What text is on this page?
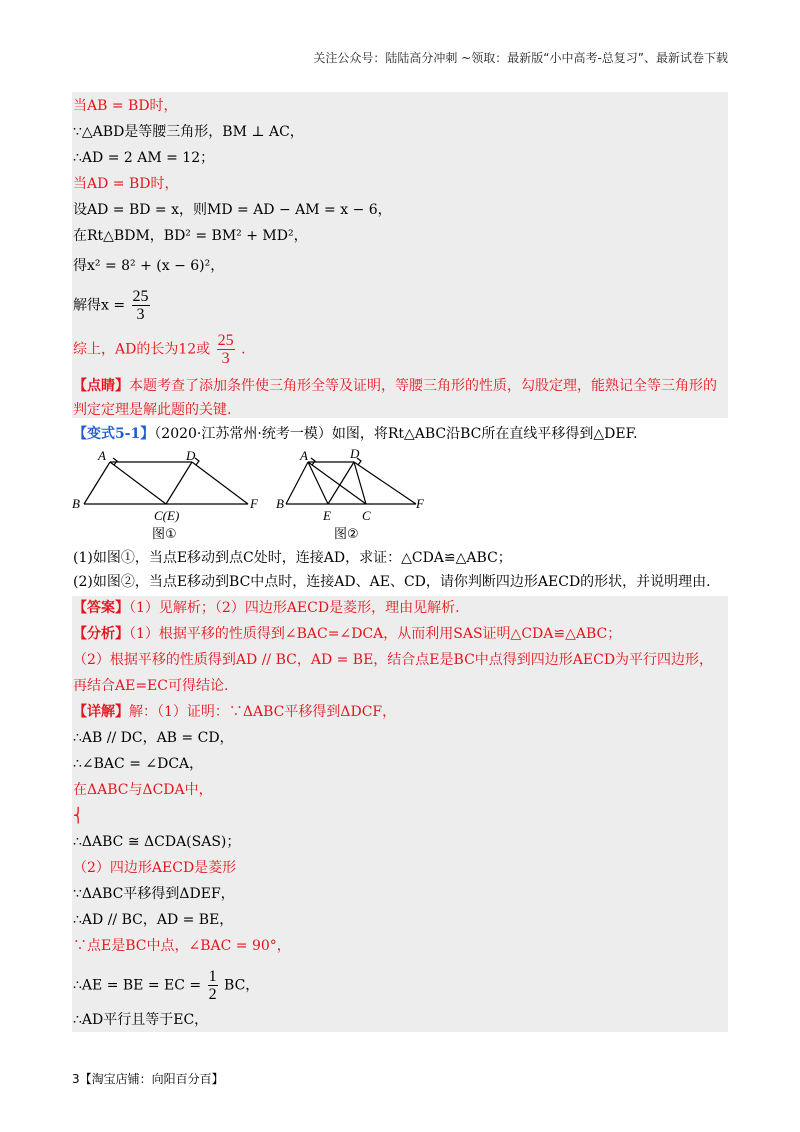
关注公众号：陆陆高分冲刺 ~领取：最新版“小中高考-总复习”、最新试卷下载
当AB = BD时，
∵△ABD是等腰三角形，BM ⊥ AC，
∴AD = 2 AM = 12；
当AD = BD时，
设AD = BD = x，则MD = AD − AM = x − 6，
在Rt△BDM，BD² = BM² + MD²，
得x² = 8² + (x − 6)²，
解得$x = \frac{25}{3}$
综上，AD的长为12或 $\frac{25}{3}$ .
【点睛】本题考查了添加条件使三角形全等及证明，等腰三角形的性质，勾股定理，能熟记全等三角形的
判定定理是解此题的关键.
【变式5-1】（2020·江苏常州·统考一模）如图，将Rt△ABC沿BC所在直线平移得到△DEF.
A	D
B
C(E)
F
图①
A	D
B
E C
F
图②
(1)如图①，当点E移动到点C处时，连接AD，求证：△CDA≌△ABC；
(2)如图②，当点E移动到BC中点时，连接AD、AE、CD，请你判断四边形AECD的形状，并说明理由.
【答案】（1）见解析；（2）四边形AECD是菱形，理由见解析.
【分析】（1）根据平移的性质得到∠BAC=∠DCA，从而利用SAS证明△CDA≌△ABC；
（2）根据平移的性质得到AD // BC，AD = BE，结合点E是BC中点得到四边形AECD为平行四边形，
再结合AE=EC可得结论.
【详解】解：（1）证明：∵ΔABC平移得到ΔDCF，
∴AB // DC，AB = CD，
∴∠BAC = ∠DCA，
在ΔABC与ΔCDA中，
⎨
∴ΔABC ≅ ΔCDA(SAS)；
（2）四边形AECD是菱形
∵ΔABC平移得到ΔDEF，
∴AD // BC，AD = BE，
∵点E是BC中点，∠BAC = 90°，
∴AE = BE = EC = $\frac{1}{2}$ BC，
∴AD平行且等于EC，
3【淘宝店铺：向阳百分百】
